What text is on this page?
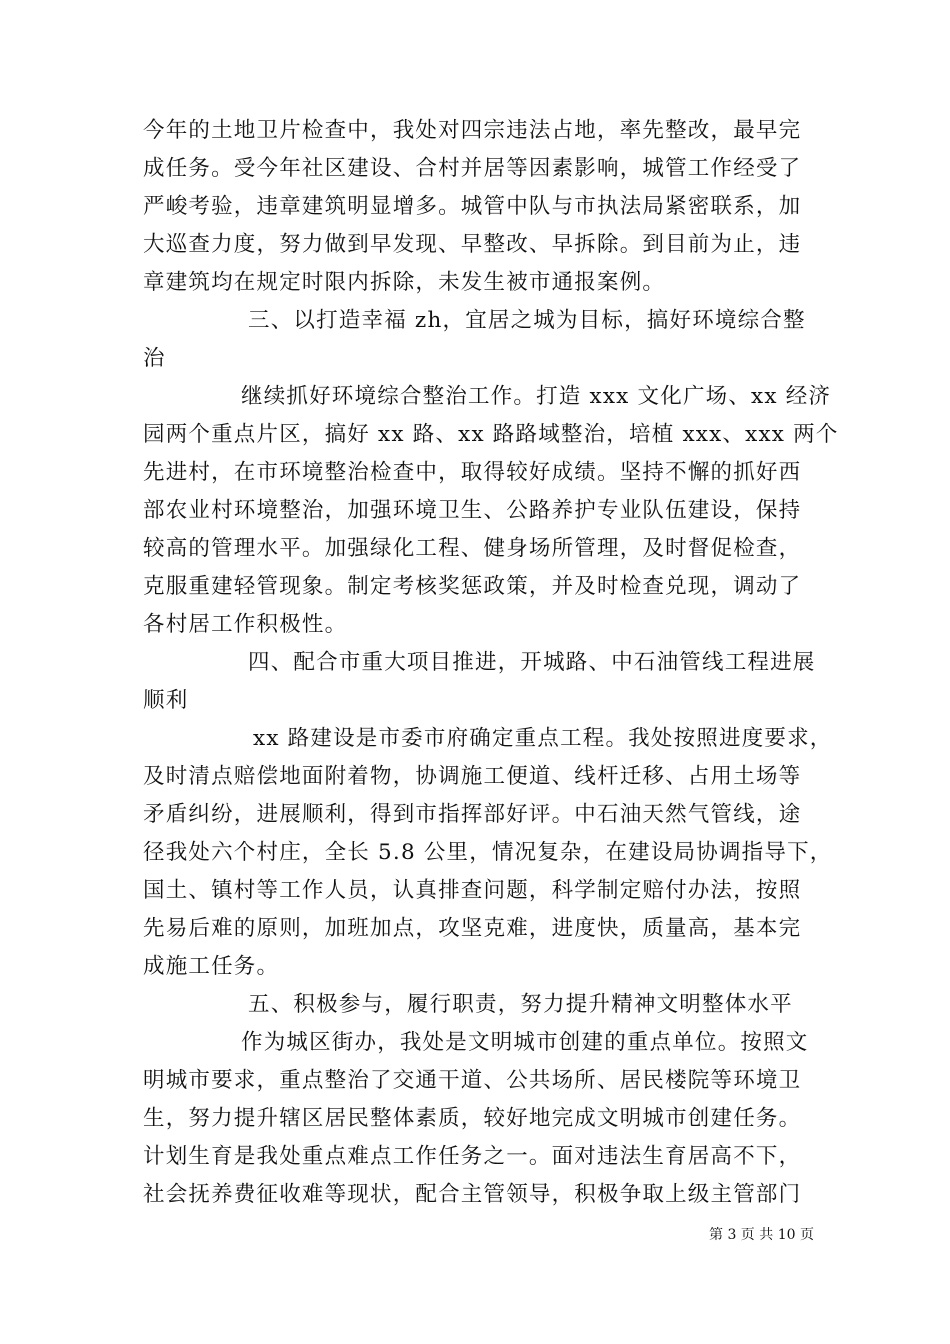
今年的土地卫片检查中，我处对四宗违法占地，率先整改，最早完
成任务。受今年社区建设、合村并居等因素影响，城管工作经受了
严峻考验，违章建筑明显增多。城管中队与市执法局紧密联系，加
大巡查力度，努力做到早发现、早整改、早拆除。到目前为止，违
章建筑均在规定时限内拆除，未发生被市通报案例。
三、以打造幸福 zh，宜居之城为目标，搞好环境综合整
治
继续抓好环境综合整治工作。打造 xxx 文化广场、xx 经济
园两个重点片区，搞好 xx 路、xx 路路域整治，培植 xxx、xxx 两个
先进村，在市环境整治检查中，取得较好成绩。坚持不懈的抓好西
部农业村环境整治，加强环境卫生、公路养护专业队伍建设，保持
较高的管理水平。加强绿化工程、健身场所管理，及时督促检查，
克服重建轻管现象。制定考核奖惩政策，并及时检查兑现，调动了
各村居工作积极性。
四、配合市重大项目推进，开城路、中石油管线工程进展
顺利
xx 路建设是市委市府确定重点工程。我处按照进度要求，
及时清点赔偿地面附着物，协调施工便道、线杆迁移、占用土场等
矛盾纠纷，进展顺利，得到市指挥部好评。中石油天然气管线，途
径我处六个村庄，全长 5.8 公里，情况复杂，在建设局协调指导下，
国土、镇村等工作人员，认真排查问题，科学制定赔付办法，按照
先易后难的原则，加班加点，攻坚克难，进度快，质量高，基本完
成施工任务。
五、积极参与，履行职责，努力提升精神文明整体水平
作为城区街办，我处是文明城市创建的重点单位。按照文
明城市要求，重点整治了交通干道、公共场所、居民楼院等环境卫
生，努力提升辖区居民整体素质，较好地完成文明城市创建任务。
计划生育是我处重点难点工作任务之一。面对违法生育居高不下，
社会抚养费征收难等现状，配合主管领导，积极争取上级主管部门
第 3 页 共 10 页
